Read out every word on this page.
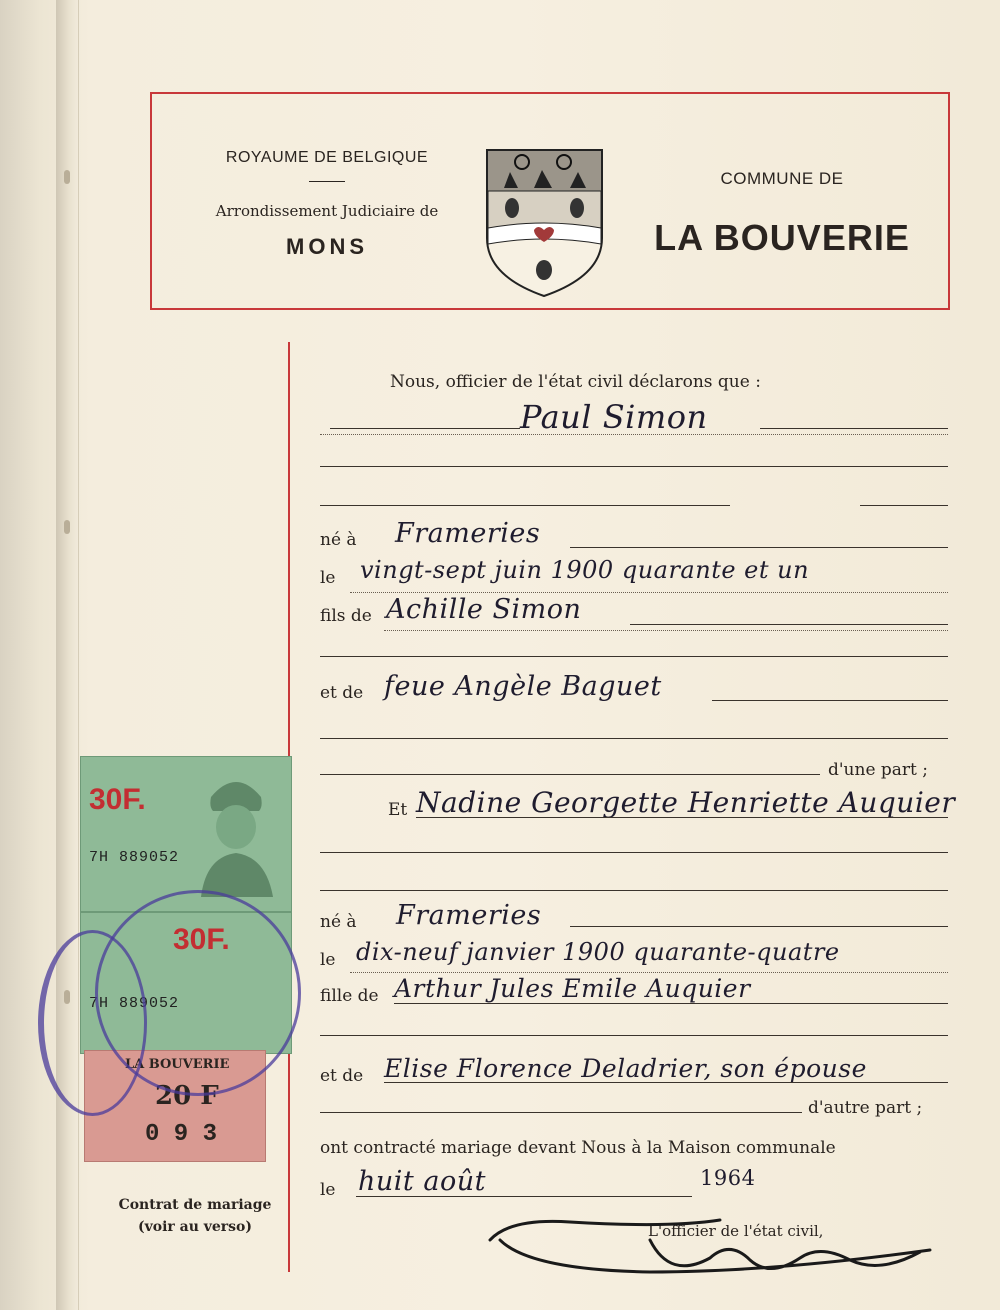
ROYAUME DE BELGIQUE
Arrondissement Judiciaire de
MONS
COMMUNE DE
LA BOUVERIE
Nous, officier de l'état civil déclarons que :
Paul Simon
né à Frameries
le vingt-sept juin 1900 quarante et un
fils de Achille Simon
et de feue Angèle Baguet
d'une part ;
Et Nadine Georgette Henriette Auquier
né à Frameries
le dix-neuf janvier 1900 quarante-quatre
fille de Arthur Jules Emile Auquier
et de Elise Florence Deladrier, son épouse
d'autre part ;
ont contracté mariage devant Nous à la Maison communale
le huit août	1964
L'officier de l'état civil,
30F.
7H 889052
30F.
7H 889052
LA BOUVERIE
20 F
0 9 3
Contrat de mariage
(voir au verso)
